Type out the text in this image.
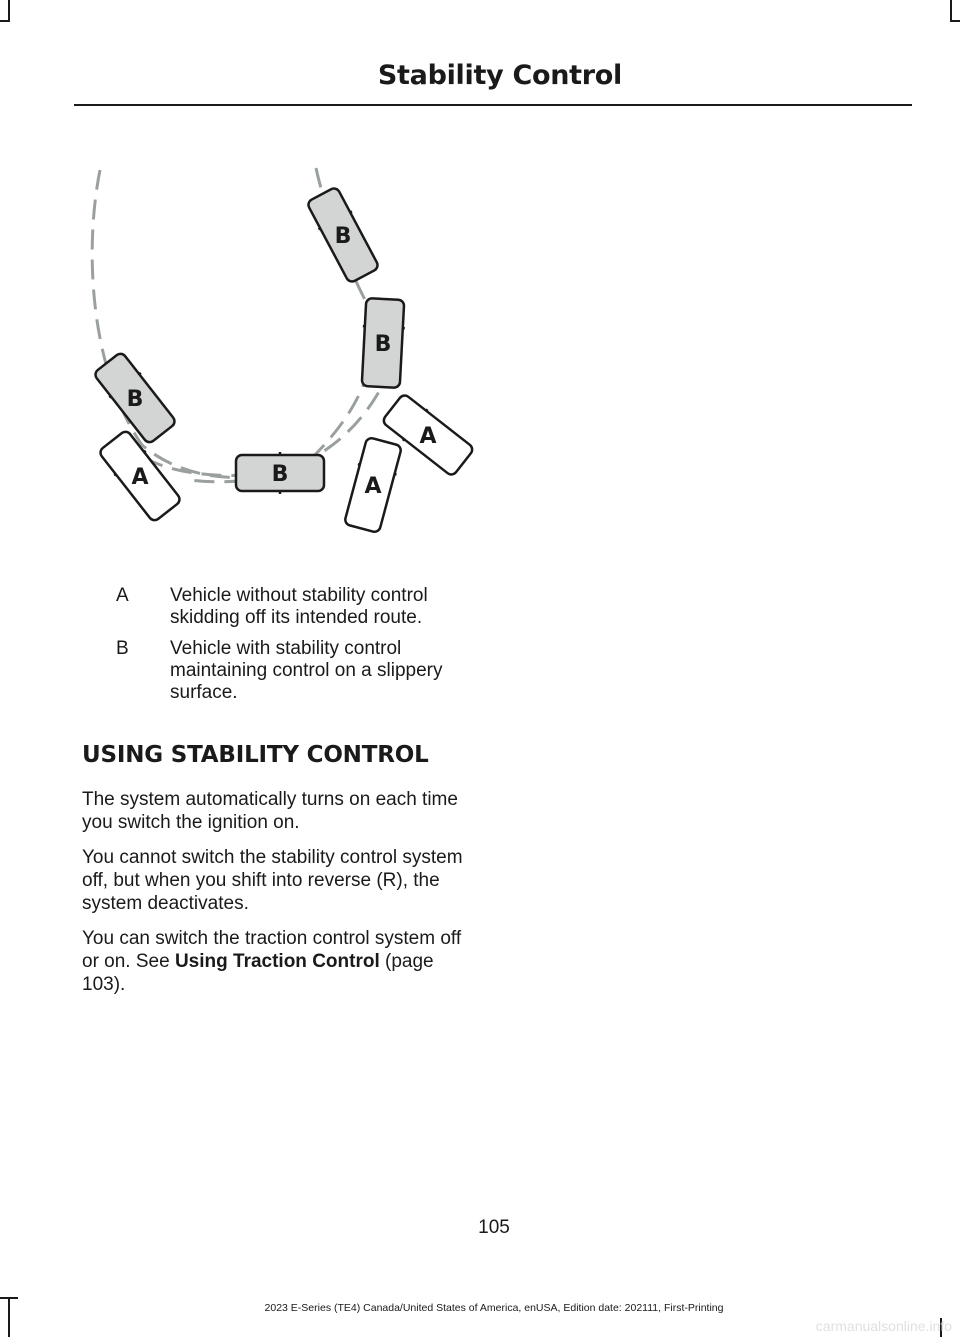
Stability Control
B
B
B
B
A	A
A
A	Vehicle without stability control skidding off its intended route.
B	Vehicle with stability control maintaining control on a slippery surface.
USING STABILITY CONTROL

The system automatically turns on each time you switch the ignition on.

You cannot switch the stability control system off, but when you shift into reverse (R), the system deactivates.

You can switch the traction control system off or on. See Using Traction Control (page 103).

105
2023 E-Series (TE4) Canada/United States of America, enUSA, Edition date: 202111, First-Printing
carmanualsonline.info
